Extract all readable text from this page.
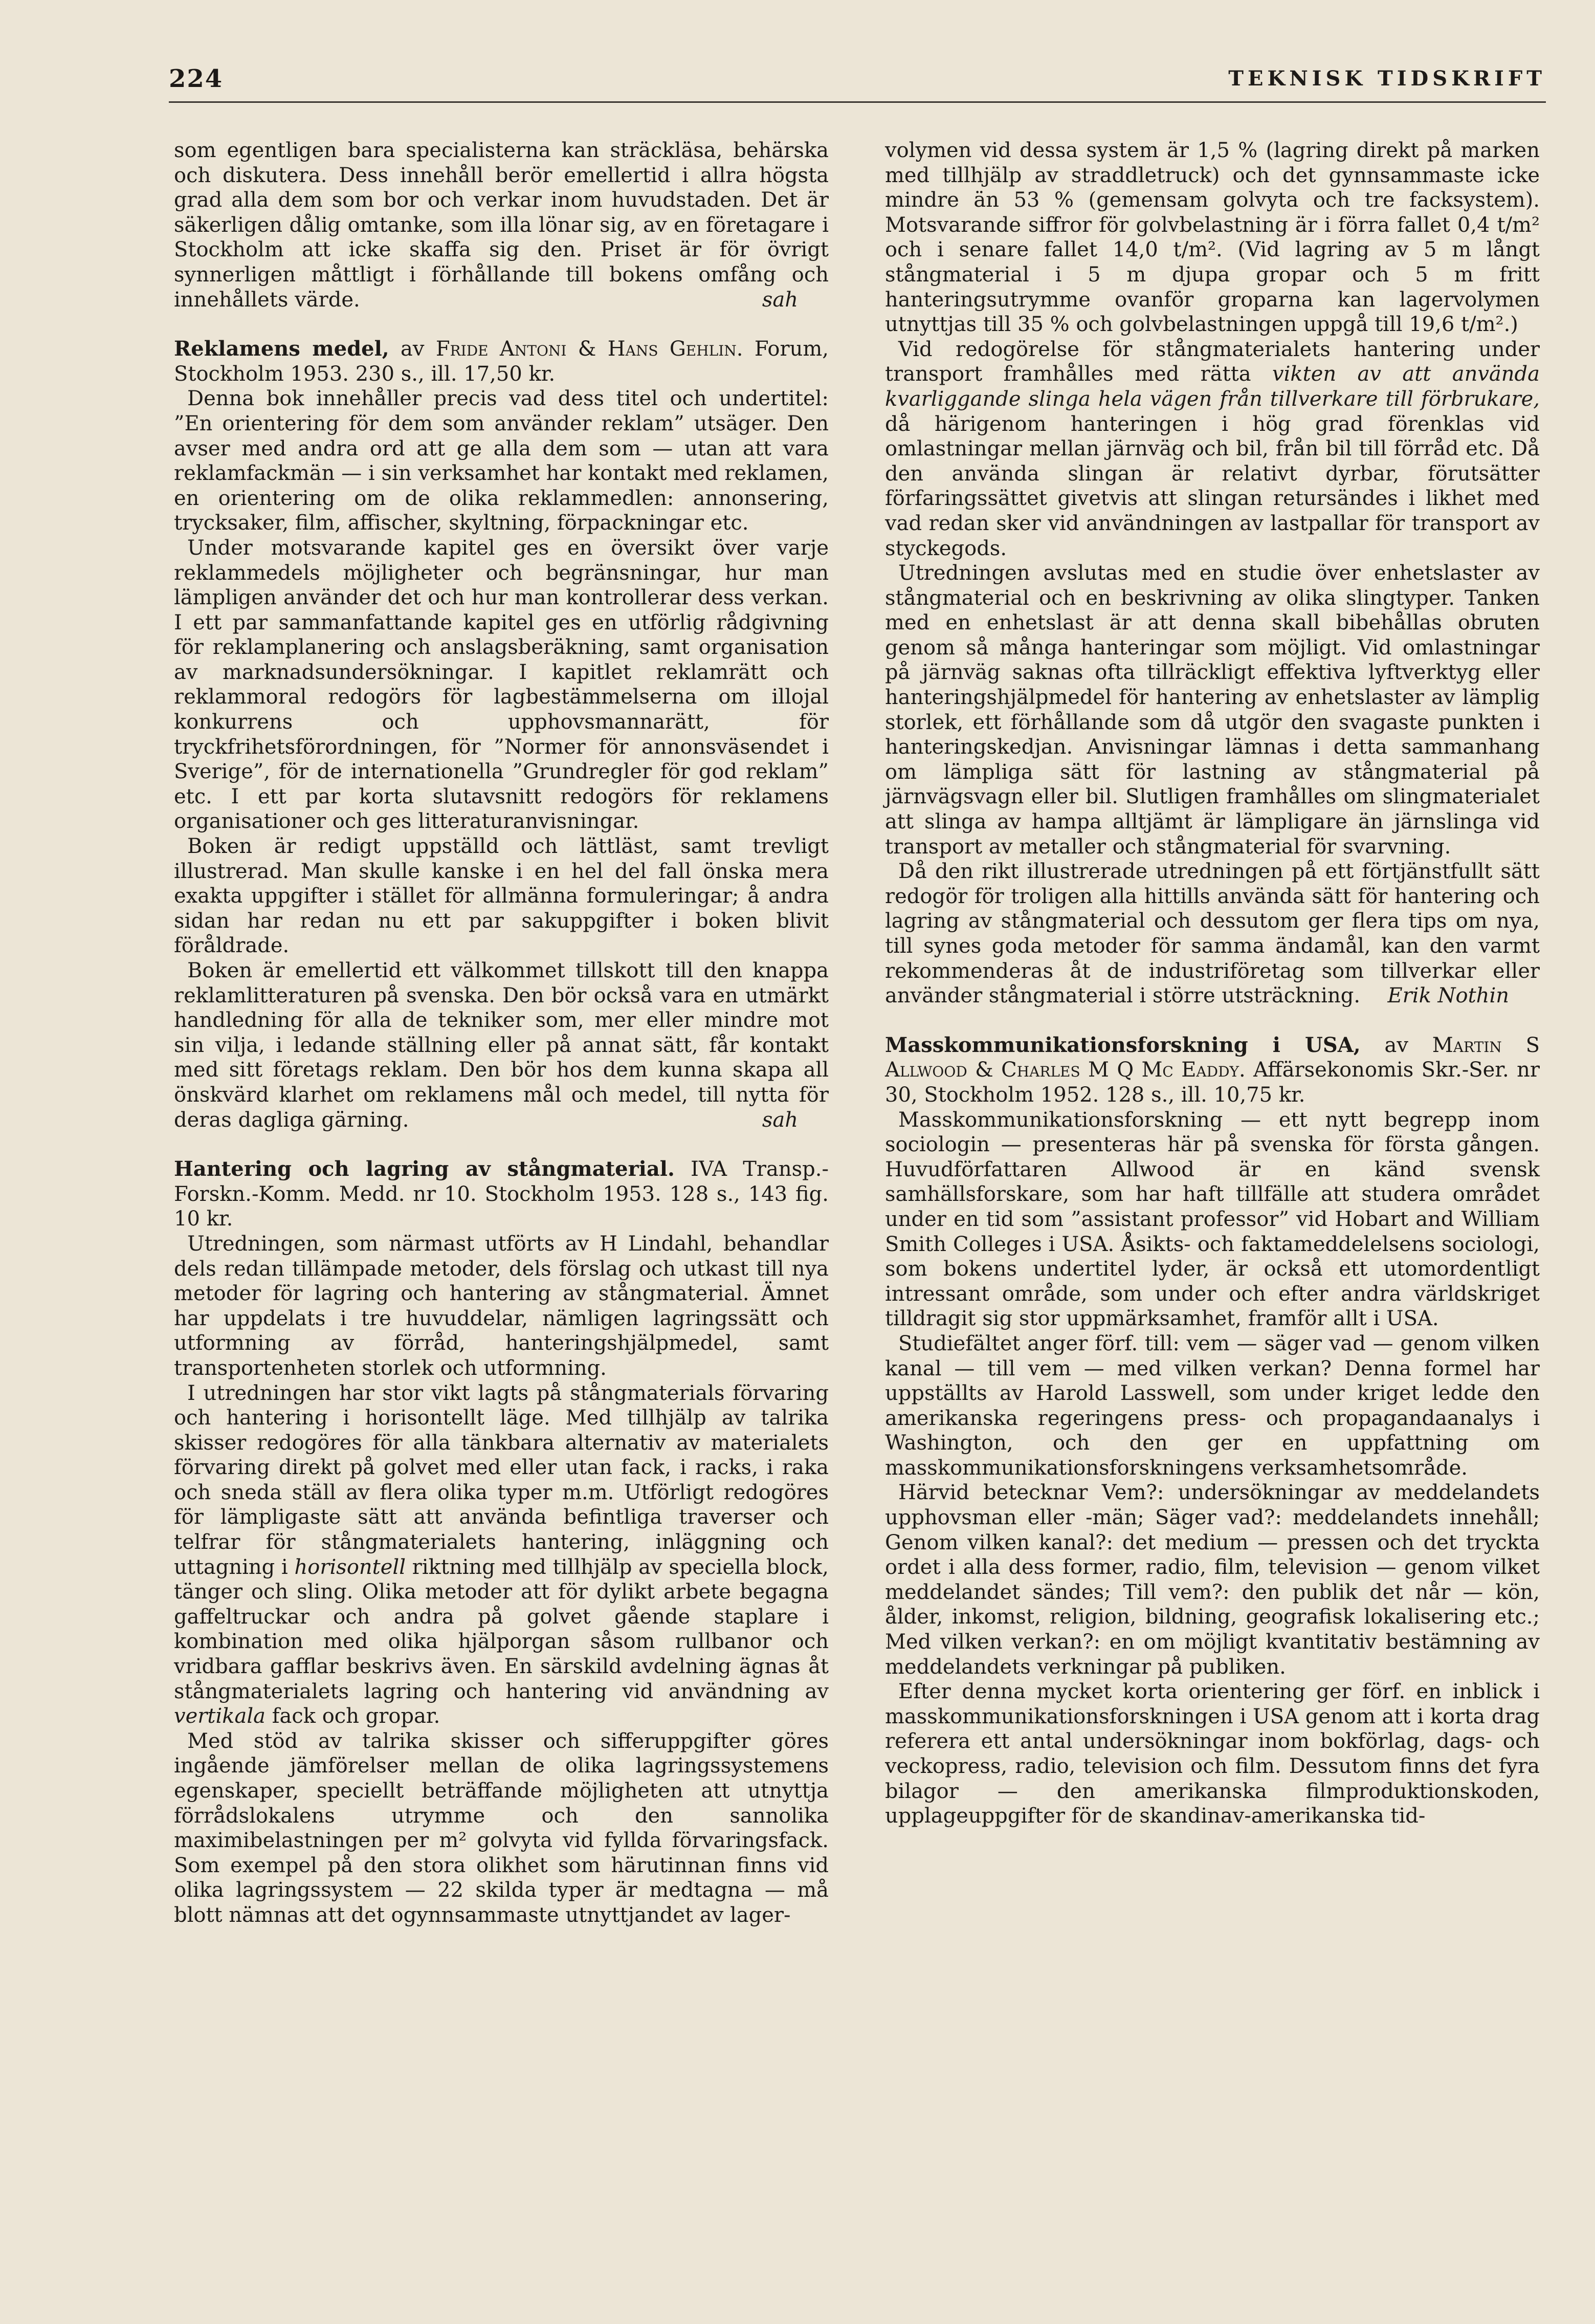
224	TEKNISK TIDSKRIFT

som egentligen bara specialisterna kan sträckläsa, behärska och diskutera. Dess innehåll berör emellertid i allra högsta grad alla dem som bor och verkar inom huvudstaden. Det är säkerligen dålig omtanke, som illa lönar sig, av en företagare i Stockholm att icke skaffa sig den. Priset är för övrigt synnerligen måttligt i förhållande till bokens omfång och innehållets värde.	sah

Reklamens medel, av Fride Antoni & Hans Gehlin. Forum, Stockholm 1953. 230 s., ill. 17,50 kr.

Denna bok innehåller precis vad dess titel och undertitel: ”En orientering för dem som använder reklam” utsäger. Den avser med andra ord att ge alla dem som — utan att vara reklamfackmän — i sin verksamhet har kontakt med reklamen, en orientering om de olika reklammedlen: annonsering, trycksaker, film, affischer, skyltning, förpackningar etc.

Under motsvarande kapitel ges en översikt över varje reklammedels möjligheter och begränsningar, hur man lämpligen använder det och hur man kontrollerar dess verkan. I ett par sammanfattande kapitel ges en utförlig rådgivning för reklamplanering och anslagsberäkning, samt organisation av marknadsundersökningar. I kapitlet reklamrätt och reklammoral redogörs för lagbestämmelserna om illojal konkurrens och upphovsmannarätt, för tryckfrihetsförordningen, för ”Normer för annonsväsendet i Sverige”, för de internationella ”Grundregler för god reklam” etc. I ett par korta slutavsnitt redogörs för reklamens organisationer och ges litteraturanvisningar.

Boken är redigt uppställd och lättläst, samt trevligt illustrerad. Man skulle kanske i en hel del fall önska mera exakta uppgifter i stället för allmänna formuleringar; å andra sidan har redan nu ett par sakuppgifter i boken blivit föråldrade.

Boken är emellertid ett välkommet tillskott till den knappa reklamlitteraturen på svenska. Den bör också vara en utmärkt handledning för alla de tekniker som, mer eller mindre mot sin vilja, i ledande ställning eller på annat sätt, får kontakt med sitt företags reklam. Den bör hos dem kunna skapa all önskvärd klarhet om reklamens mål och medel, till nytta för deras dagliga gärning.	sah

Hantering och lagring av stångmaterial. IVA Transp.-Forskn.-Komm. Medd. nr 10. Stockholm 1953. 128 s., 143 fig. 10 kr.

Utredningen, som närmast utförts av H Lindahl, behandlar dels redan tillämpade metoder, dels förslag och utkast till nya metoder för lagring och hantering av stångmaterial. Ämnet har uppdelats i tre huvuddelar, nämligen lagringssätt och utformning av förråd, hanteringshjälpmedel, samt transportenheten storlek och utformning.

I utredningen har stor vikt lagts på stångmaterials förvaring och hantering i horisontellt läge. Med tillhjälp av talrika skisser redogöres för alla tänkbara alternativ av materialets förvaring direkt på golvet med eller utan fack, i racks, i raka och sneda ställ av flera olika typer m.m. Utförligt redogöres för lämpligaste sätt att använda befintliga traverser och telfrar för stångmaterialets hantering, inläggning och uttagning i horisontell riktning med tillhjälp av speciella block, tänger och sling. Olika metoder att för dylikt arbete begagna gaffeltruckar och andra på golvet gående staplare i kombination med olika hjälporgan såsom rullbanor och vridbara gafflar beskrivs även. En särskild avdelning ägnas åt stångmaterialets lagring och hantering vid användning av vertikala fack och gropar.

Med stöd av talrika skisser och sifferuppgifter göres ingående jämförelser mellan de olika lagringssystemens egenskaper, speciellt beträffande möjligheten att utnyttja förrådslokalens utrymme och den sannolika maximibelastningen per m² golvyta vid fyllda förvaringsfack. Som exempel på den stora olikhet som härutinnan finns vid olika lagringssystem — 22 skilda typer är medtagna — må blott nämnas att det ogynnsammaste utnyttjandet av lager-

volymen vid dessa system är 1,5 % (lagring direkt på marken med tillhjälp av straddletruck) och det gynnsammaste icke mindre än 53 % (gemensam golvyta och tre facksystem). Motsvarande siffror för golvbelastning är i förra fallet 0,4 t/m² och i senare fallet 14,0 t/m². (Vid lagring av 5 m långt stångmaterial i 5 m djupa gropar och 5 m fritt hanteringsutrymme ovanför groparna kan lagervolymen utnyttjas till 35 % och golvbelastningen uppgå till 19,6 t/m².)

Vid redogörelse för stångmaterialets hantering under transport framhålles med rätta vikten av att använda kvarliggande slinga hela vägen från tillverkare till förbrukare, då härigenom hanteringen i hög grad förenklas vid omlastningar mellan järnväg och bil, från bil till förråd etc. Då den använda slingan är relativt dyrbar, förutsätter förfaringssättet givetvis att slingan retursändes i likhet med vad redan sker vid användningen av lastpallar för transport av styckegods.

Utredningen avslutas med en studie över enhetslaster av stångmaterial och en beskrivning av olika slingtyper. Tanken med en enhetslast är att denna skall bibehållas obruten genom så många hanteringar som möjligt. Vid omlastningar på järnväg saknas ofta tillräckligt effektiva lyftverktyg eller hanteringshjälpmedel för hantering av enhetslaster av lämplig storlek, ett förhållande som då utgör den svagaste punkten i hanteringskedjan. Anvisningar lämnas i detta sammanhang om lämpliga sätt för lastning av stångmaterial på järnvägsvagn eller bil. Slutligen framhålles om slingmaterialet att slinga av hampa alltjämt är lämpligare än järnslinga vid transport av metaller och stångmaterial för svarvning.

Då den rikt illustrerade utredningen på ett förtjänstfullt sätt redogör för troligen alla hittills använda sätt för hantering och lagring av stångmaterial och dessutom ger flera tips om nya, till synes goda metoder för samma ändamål, kan den varmt rekommenderas åt de industriföretag som tillverkar eller använder stångmaterial i större utsträckning.	Erik Nothin

Masskommunikationsforskning i USA, av Martin S Allwood & Charles M Q Mc Eaddy. Affärsekonomis Skr.-Ser. nr 30, Stockholm 1952. 128 s., ill. 10,75 kr.

Masskommunikationsforskning — ett nytt begrepp inom sociologin — presenteras här på svenska för första gången. Huvudförfattaren Allwood är en känd svensk samhällsforskare, som har haft tillfälle att studera området under en tid som ”assistant professor” vid Hobart and William Smith Colleges i USA. Åsikts- och faktameddelelsens sociologi, som bokens undertitel lyder, är också ett utomordentligt intressant område, som under och efter andra världskriget tilldragit sig stor uppmärksamhet, framför allt i USA.

Studiefältet anger förf. till: vem — säger vad — genom vilken kanal — till vem — med vilken verkan? Denna formel har uppställts av Harold Lasswell, som under kriget ledde den amerikanska regeringens press- och propagandaanalys i Washington, och den ger en uppfattning om masskommunikationsforskningens verksamhetsområde.

Härvid betecknar Vem?: undersökningar av meddelandets upphovsman eller -män; Säger vad?: meddelandets innehåll; Genom vilken kanal?: det medium — pressen och det tryckta ordet i alla dess former, radio, film, television — genom vilket meddelandet sändes; Till vem?: den publik det når — kön, ålder, inkomst, religion, bildning, geografisk lokalisering etc.; Med vilken verkan?: en om möjligt kvantitativ bestämning av meddelandets verkningar på publiken.

Efter denna mycket korta orientering ger förf. en inblick i masskommunikationsforskningen i USA genom att i korta drag referera ett antal undersökningar inom bokförlag, dags- och veckopress, radio, television och film. Dessutom finns det fyra bilagor — den amerikanska filmproduktionskoden, upplageuppgifter för de skandinav-amerikanska tid-
